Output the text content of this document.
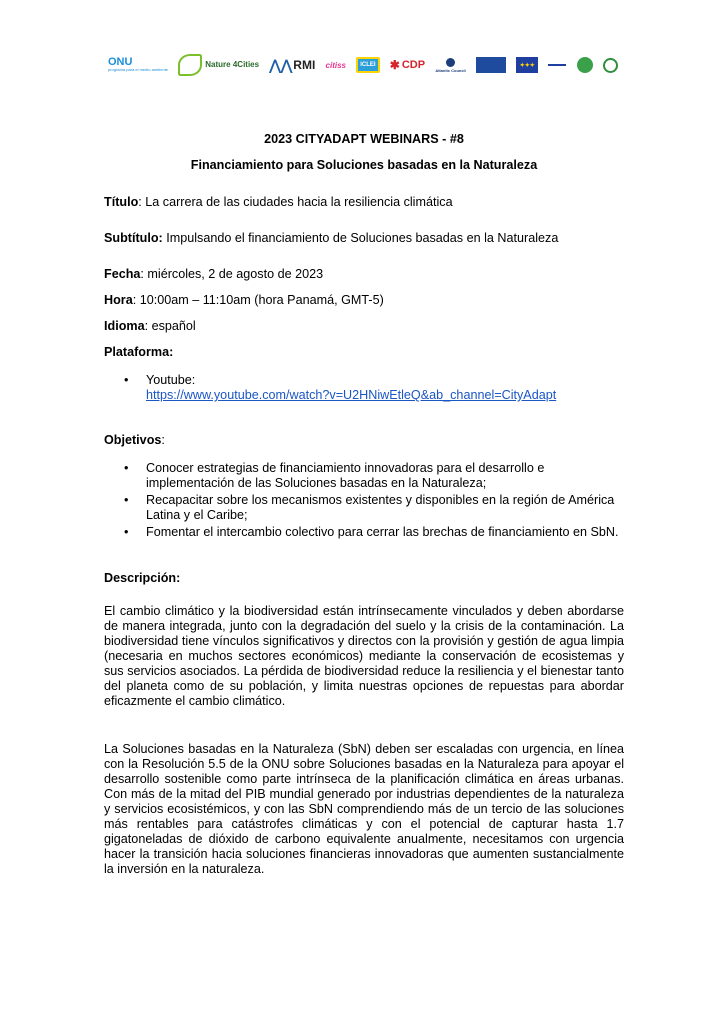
ONU
programa para el medio ambiente
Nature 4Cities ⋀⋀ RMI citiss ICLEI ✱ CDP	Atlantic Council
✦✦✦
2023 CITYADAPT WEBINARS - #8
Financiamiento para Soluciones basadas en la Naturaleza
Título: La carrera de las ciudades hacia la resiliencia climática
Subtítulo: Impulsando el financiamiento de Soluciones basadas en la Naturaleza
Fecha: miércoles, 2 de agosto de 2023
Hora: 10:00am – 11:10am (hora Panamá, GMT-5)
Idioma: español
Plataforma:
• Youtube:
https://www.youtube.com/watch?v=U2HNiwEtleQ&ab_channel=CityAdapt
Objetivos:
• Conocer estrategias de financiamiento innovadoras para el desarrollo e implementación de las Soluciones basadas en la Naturaleza;
• Recapacitar sobre los mecanismos existentes y disponibles en la región de América Latina y el Caribe;
• Fomentar el intercambio colectivo para cerrar las brechas de financiamiento en SbN.
Descripción:
El cambio climático y la biodiversidad están intrínsecamente vinculados y deben abordarse de manera integrada, junto con la degradación del suelo y la crisis de la contaminación. La biodiversidad tiene vínculos significativos y directos con la provisión y gestión de agua limpia (necesaria en muchos sectores económicos) mediante la conservación de ecosistemas y sus servicios asociados. La pérdida de biodiversidad reduce la resiliencia y el bienestar tanto del planeta como de su población, y limita nuestras opciones de repuestas para abordar eficazmente el cambio climático.
La Soluciones basadas en la Naturaleza (SbN) deben ser escaladas con urgencia, en línea con la Resolución 5.5 de la ONU sobre Soluciones basadas en la Naturaleza para apoyar el desarrollo sostenible como parte intrínseca de la planificación climática en áreas urbanas. Con más de la mitad del PIB mundial generado por industrias dependientes de la naturaleza y servicios ecosistémicos, y con las SbN comprendiendo más de un tercio de las soluciones más rentables para catástrofes climáticas y con el potencial de capturar hasta 1.7 gigatoneladas de dióxido de carbono equivalente anualmente, necesitamos con urgencia hacer la transición hacia soluciones financieras innovadoras que aumenten sustancialmente la inversión en la naturaleza.
